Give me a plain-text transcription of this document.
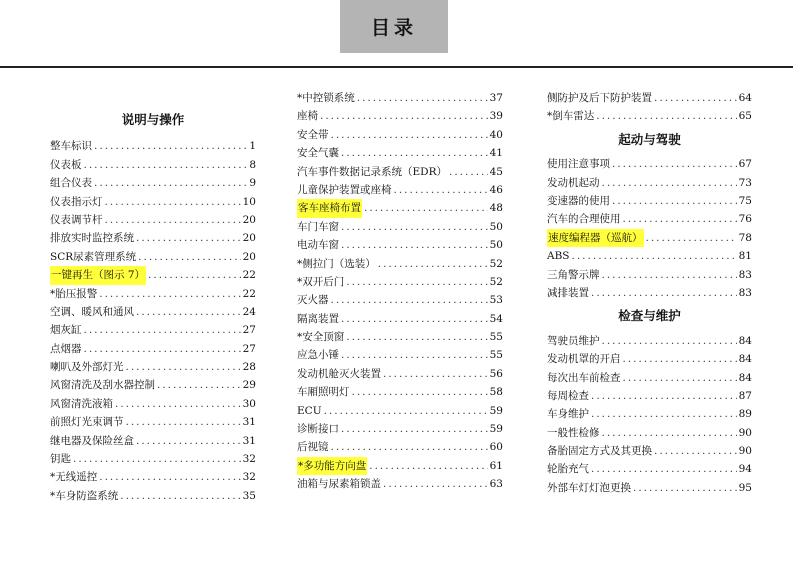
目录
说明与操作
整车标识 .....	1
仪表板 .....	8
组合仪表 .....	9
仪表指示灯 .....	10
仪表调节杆 .....	20
排放实时监控系统 .....	20
SCR尿素管理系统 .....	20
一键再生（图示 7） .....	22
*胎压报警 .....	22
空调、暖风和通风 .....	24
烟灰缸 .....	27
点烟器 .....	27
喇叭及外部灯光 .....	28
风窗清洗及刮水器控制 .....	29
风窗清洗液箱 .....	30
前照灯光束调节 .....	31
继电器及保险丝盒 .....	31
钥匙 .....	32
*无线遥控 .....	32
*车身防盗系统 .....	35
*中控锁系统 .....	37
座椅 .....	39
安全带 .....	40
安全气囊 .....	41
汽车事件数据记录系统（EDR） .....	45
儿童保护装置或座椅 .....	46
客车座椅布置 .....	48
车门车窗 .....	50
电动车窗 .....	50
*侧拉门（选装） .....	52
*双开后门 .....	52
灭火器 .....	53
隔离装置 .....	54
*安全顶窗 .....	55
应急小锤 .....	55
发动机舱灭火装置 .....	56
车厢照明灯 .....	58
ECU .....	59
诊断接口 .....	59
后视镜 .....	60
*多功能方向盘 .....	61
油箱与尿素箱锁盖 .....	63
侧防护及后下防护装置 .....	64
*倒车雷达 .....	65
起动与驾驶
使用注意事项 .....	67
发动机起动 .....	73
变速器的使用 .....	75
汽车的合理使用 .....	76
速度编程器（巡航） .....	78
ABS .....	81
三角警示牌 .....	83
减排装置 .....	83
检查与维护
驾驶员维护 .....	84
发动机罩的开启 .....	84
每次出车前检查 .....	84
每周检查 .....	87
车身维护 .....	89
一般性检修 .....	90
备胎固定方式及其更换 .....	90
轮胎充气 .....	94
外部车灯灯泡更换 .....	95
